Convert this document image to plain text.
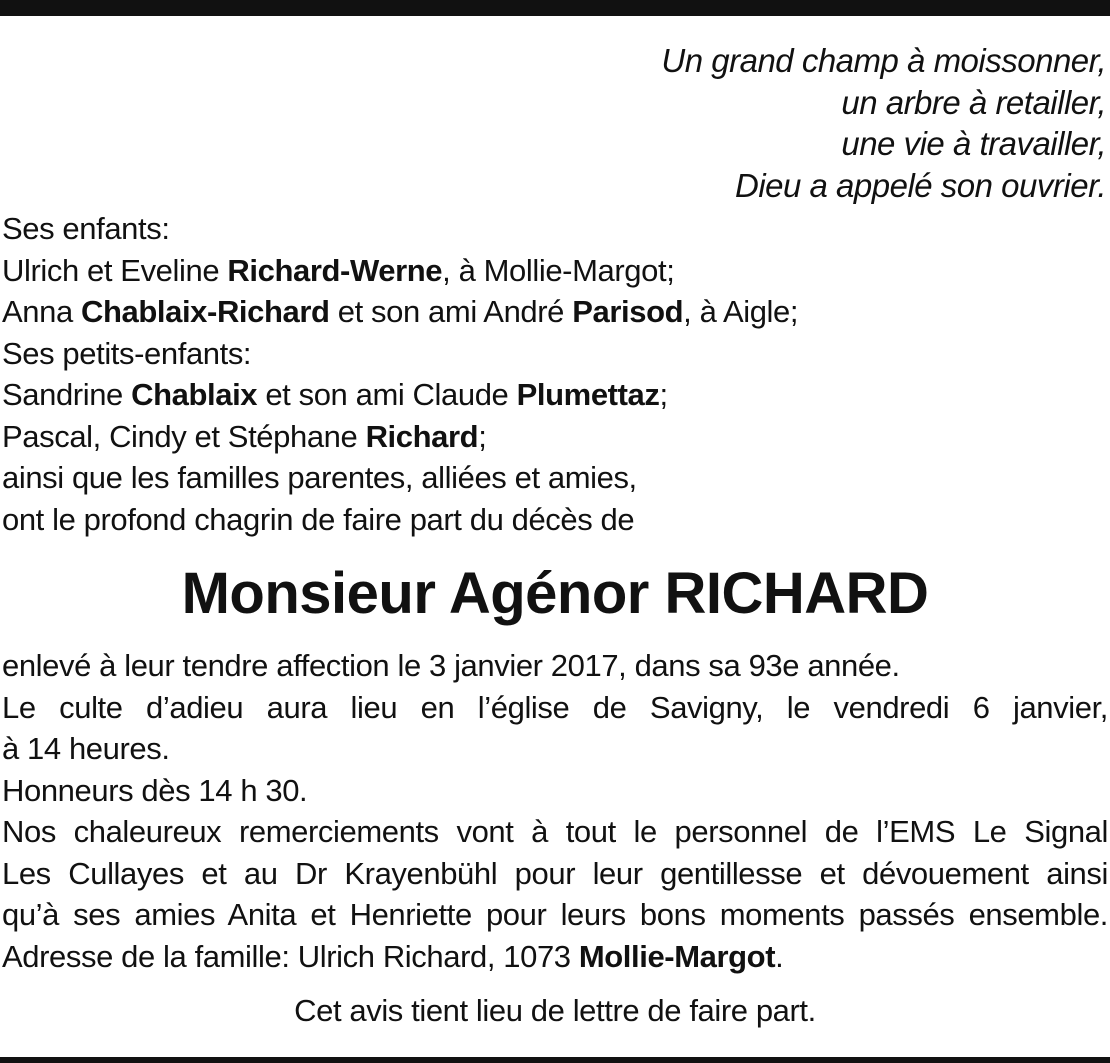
Un grand champ à moissonner,
un arbre à retailler,
une vie à travailler,
Dieu a appelé son ouvrier.
Ses enfants:
Ulrich et Eveline Richard-Werne, à Mollie-Margot;
Anna Chablaix-Richard et son ami André Parisod, à Aigle;
Ses petits-enfants:
Sandrine Chablaix et son ami Claude Plumettaz;
Pascal, Cindy et Stéphane Richard;
ainsi que les familles parentes, alliées et amies,
ont le profond chagrin de faire part du décès de
Monsieur Agénor RICHARD
enlevé à leur tendre affection le 3 janvier 2017, dans sa 93e année.
Le culte d’adieu aura lieu en l’église de Savigny, le vendredi 6 janvier,
à 14 heures.
Honneurs dès 14 h 30.
Nos chaleureux remerciements vont à tout le personnel de l’EMS Le Signal
Les Cullayes et au Dr Krayenbühl pour leur gentillesse et dévouement ainsi
qu’à ses amies Anita et Henriette pour leurs bons moments passés ensemble.
Adresse de la famille: Ulrich Richard, 1073 Mollie-Margot.
Cet avis tient lieu de lettre de faire part.
